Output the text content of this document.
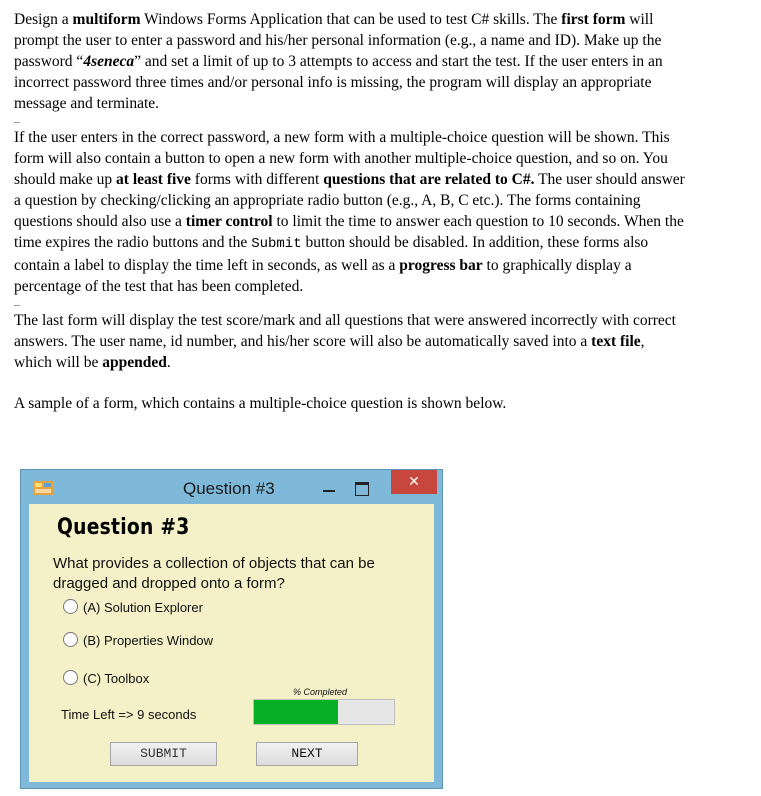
Design a multiform Windows Forms Application that can be used to test C# skills. The first form will prompt the user to enter a password and his/her personal information (e.g., a name and ID). Make up the password “4seneca” and set a limit of up to 3 attempts to access and start the test. If the user enters in an incorrect password three times and/or personal info is missing, the program will display an appropriate message and terminate.

If the user enters in the correct password, a new form with a multiple-choice question will be shown. This form will also contain a button to open a new form with another multiple-choice question, and so on. You should make up at least five forms with different questions that are related to C#. The user should answer a question by checking/clicking an appropriate radio button (e.g., A, B, C etc.). The forms containing questions should also use a timer control to limit the time to answer each question to 10 seconds. When the time expires the radio buttons and the Submit button should be disabled. In addition, these forms also contain a label to display the time left in seconds, as well as a progress bar to graphically display a percentage of the test that has been completed.

The last form will display the test score/mark and all questions that were answered incorrectly with correct answers. The user name, id number, and his/her score will also be automatically saved into a text file, which will be appended.

A sample of a form, which contains a multiple-choice question is shown below.

Question #3	✕
Question #3
What provides a collection of objects that can be dragged and dropped onto a form?
(A) Solution Explorer
(B) Properties Window
(C) Toolbox
Time Left => 9 seconds
% Completed
SUBMIT	NEXT
